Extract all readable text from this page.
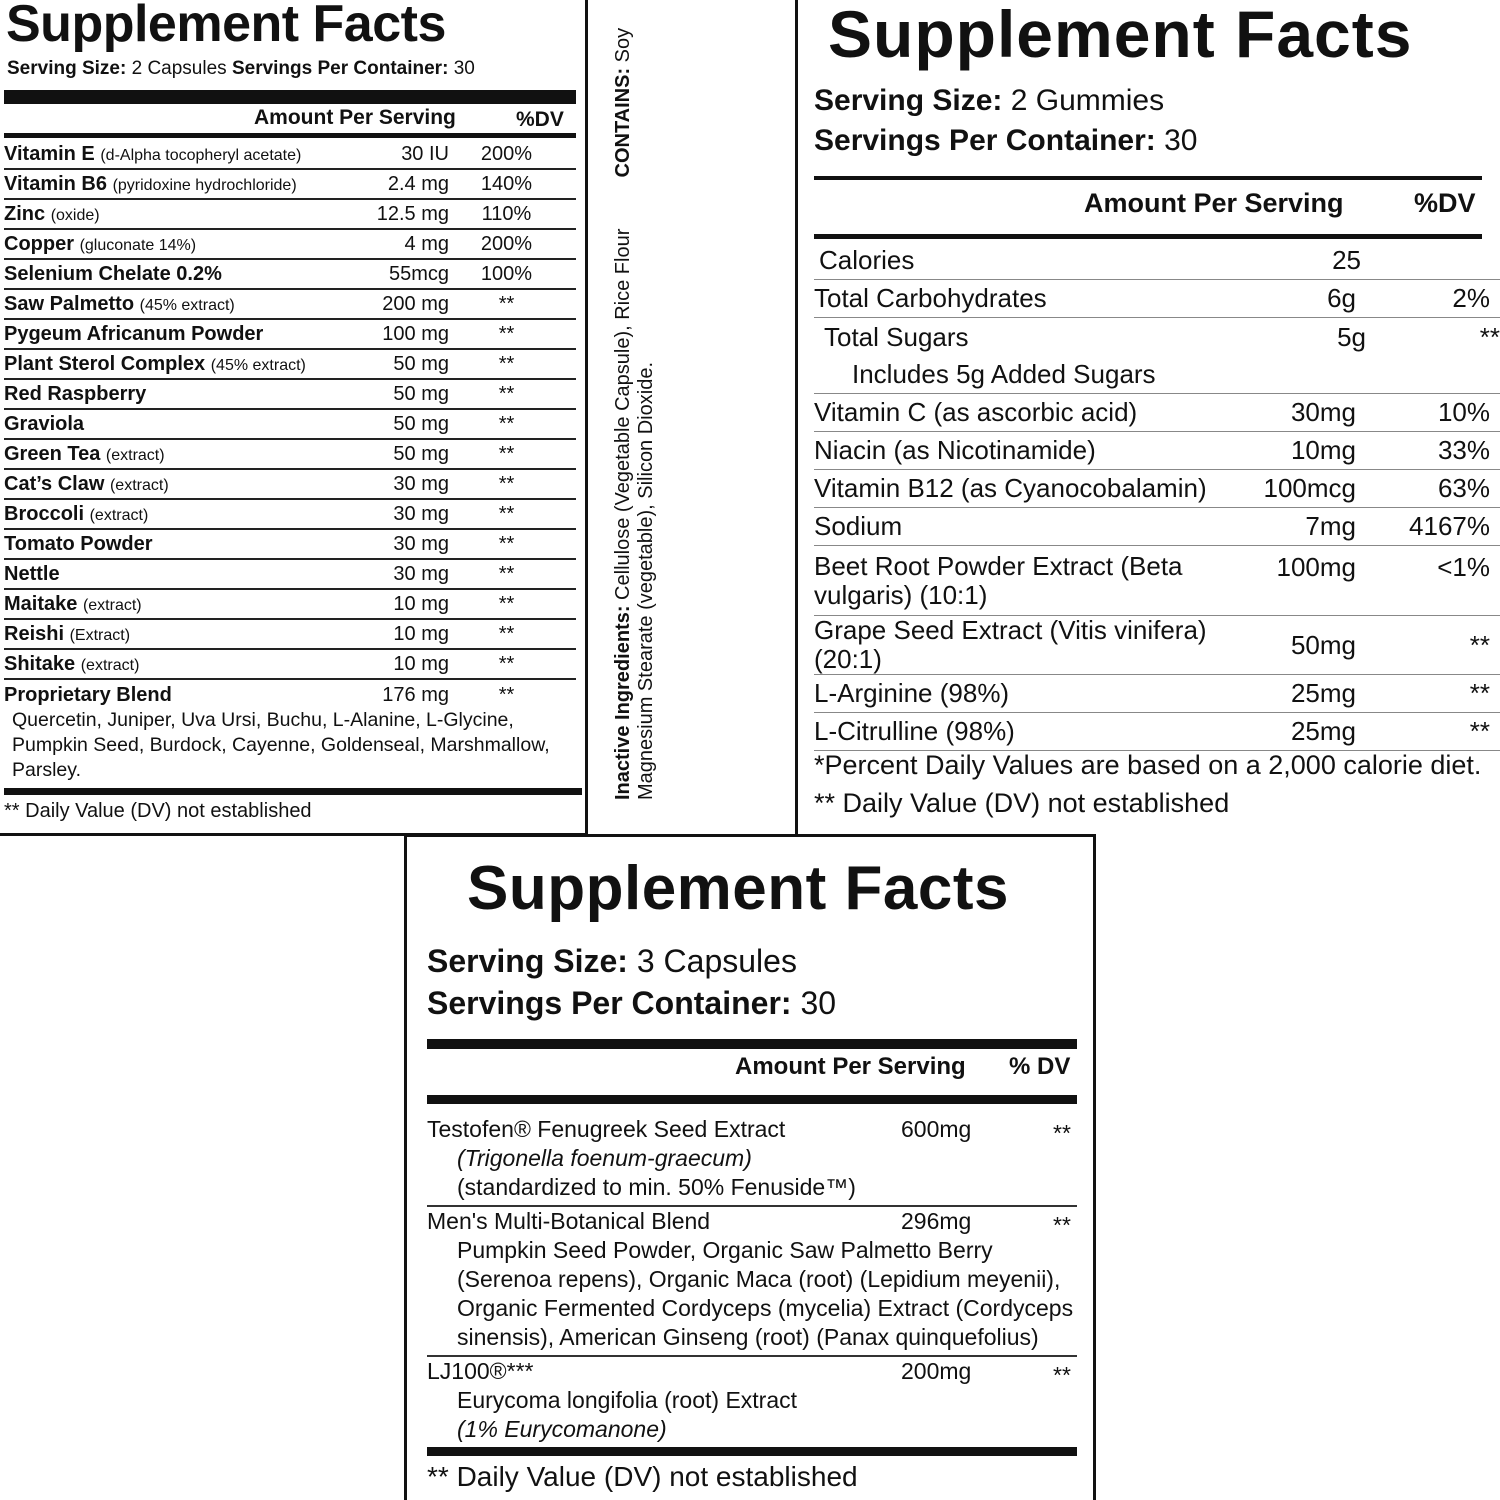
Supplement Facts
Serving Size: 2 Capsules Servings Per Container: 30
Amount Per Serving	%DV
Vitamin E (d-Alpha tocopheryl acetate)	30 IU	200%
Vitamin B6 (pyridoxine hydrochloride)	2.4 mg	140%
Zinc (oxide)	12.5 mg	110%
Copper (gluconate 14%)	4 mg	200%
Selenium Chelate 0.2%	55mcg	100%
Saw Palmetto (45% extract)	200 mg	**
Pygeum Africanum Powder	100 mg	**
Plant Sterol Complex (45% extract)	50 mg	**
Red Raspberry	50 mg	**
Graviola	50 mg	**
Green Tea (extract)	50 mg	**
Cat’s Claw (extract)	30 mg	**
Broccoli (extract)	30 mg	**
Tomato Powder	30 mg	**
Nettle	30 mg	**
Maitake (extract)	10 mg	**
Reishi (Extract)	10 mg	**
Shitake (extract)	10 mg	**
Proprietary Blend	176 mg	**
Quercetin, Juniper, Uva Ursi, Buchu, L-Alanine, L-Glycine, Pumpkin Seed, Burdock, Cayenne, Goldenseal, Marshmallow, Parsley.
** Daily Value (DV) not established
Inactive Ingredients: Cellulose (Vegetable Capsule), Rice Flour  CONTAINS: Soy
Magnesium Stearate (vegetable), Silicon Dioxide.
Supplement Facts
Serving Size: 2 Gummies
Servings Per Container: 30
Amount Per Serving	%DV
Calories	25
Total Carbohydrates	6g	2%
Total Sugars	5g	**
Includes 5g Added Sugars
Vitamin C (as ascorbic acid)	30mg	10%
Niacin (as Nicotinamide)	10mg	33%
Vitamin B12 (as Cyanocobalamin)	100mcg	63%
Sodium	7mg	4167%
Beet Root Powder Extract (Beta vulgaris) (10:1)
100mg	<1%
Grape Seed Extract (Vitis vinifera) (20:1)	50mg	**
L-Arginine (98%)	25mg	**
L-Citrulline (98%)	25mg	**
*Percent Daily Values are based on a 2,000 calorie diet.
** Daily Value (DV) not established
Supplement Facts
Serving Size: 3 Capsules
Servings Per Container: 30
Amount Per Serving % DV
Testofen® Fenugreek Seed Extract	600mg	**
(Trigonella foenum-graecum)
(standardized to min. 50% Fenuside™)
Men's Multi-Botanical Blend	296mg	**
Pumpkin Seed Powder, Organic Saw Palmetto Berry
(Serenoa repens), Organic Maca (root) (Lepidium meyenii),
Organic Fermented Cordyceps (mycelia) Extract (Cordyceps
sinensis), American Ginseng (root) (Panax quinquefolius)
LJ100®***	200mg	**
Eurycoma longifolia (root) Extract
(1% Eurycomanone)
** Daily Value (DV) not established
